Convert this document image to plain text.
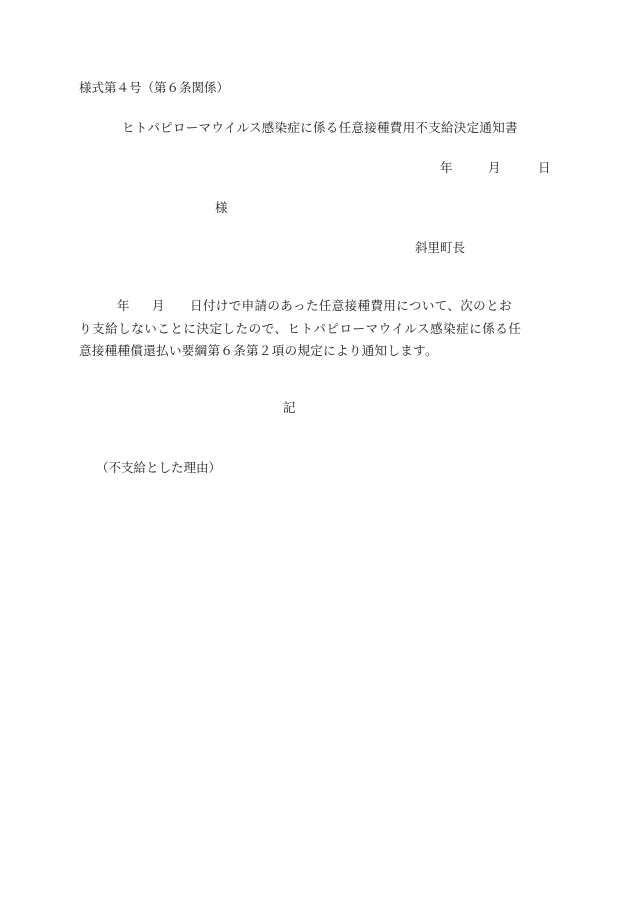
様式第４号（第６条関係）
ヒトパピローマウイルス感染症に係る任意接種費用不支給決定通知書
年	月	日
様
斜里町長
年 月 日付けで申請のあった任意接種費用について、次のとお
り支給しないことに決定したので、ヒトパピローマウイルス感染症に係る任
意接種種償還払い要綱第６条第２項の規定により通知します。
記
（不支給とした理由）
